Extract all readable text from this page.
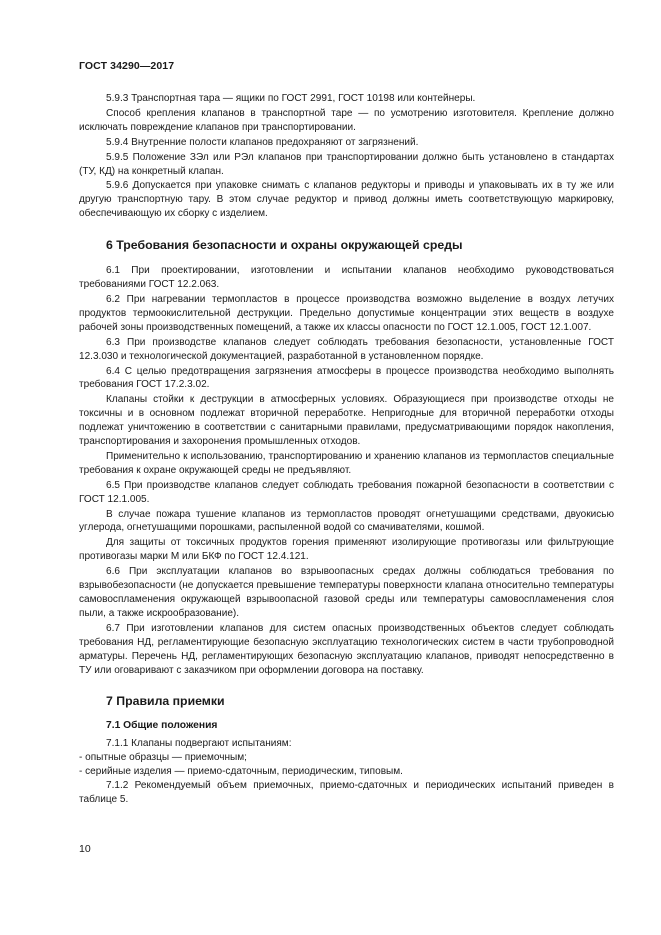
ГОСТ 34290—2017

5.9.3 Транспортная тара — ящики по ГОСТ 2991, ГОСТ 10198 или контейнеры.

Способ крепления клапанов в транспортной таре — по усмотрению изготовителя. Крепление должно исключать повреждение клапанов при транспортировании.

5.9.4 Внутренние полости клапанов предохраняют от загрязнений.

5.9.5 Положение ЗЭл или РЭл клапанов при транспортировании должно быть установлено в стандартах (ТУ, КД) на конкретный клапан.

5.9.6 Допускается при упаковке снимать с клапанов редукторы и приводы и упаковывать их в ту же или другую транспортную тару. В этом случае редуктор и привод должны иметь соответствующую маркировку, обеспечивающую их сборку с изделием.

6 Требования безопасности и охраны окружающей среды

6.1 При проектировании, изготовлении и испытании клапанов необходимо руководствоваться требованиями ГОСТ 12.2.063.

6.2 При нагревании термопластов в процессе производства возможно выделение в воздух летучих продуктов термоокислительной деструкции. Предельно допустимые концентрации этих веществ в воздухе рабочей зоны производственных помещений, а также их классы опасности по ГОСТ 12.1.005, ГОСТ 12.1.007.

6.3 При производстве клапанов следует соблюдать требования безопасности, установленные ГОСТ 12.3.030 и технологической документацией, разработанной в установленном порядке.

6.4 С целью предотвращения загрязнения атмосферы в процессе производства необходимо выполнять требования ГОСТ 17.2.3.02.

Клапаны стойки к деструкции в атмосферных условиях. Образующиеся при производстве отходы не токсичны и в основном подлежат вторичной переработке. Непригодные для вторичной переработки отходы подлежат уничтожению в соответствии с санитарными правилами, предусматривающими порядок накопления, транспортирования и захоронения промышленных отходов.

Применительно к использованию, транспортированию и хранению клапанов из термопластов специальные требования к охране окружающей среды не предъявляют.

6.5 При производстве клапанов следует соблюдать требования пожарной безопасности в соответствии с ГОСТ 12.1.005.

В случае пожара тушение клапанов из термопластов проводят огнетушащими средствами, двуокисью углерода, огнетушащими порошками, распыленной водой со смачивателями, кошмой.

Для защиты от токсичных продуктов горения применяют изолирующие противогазы или фильтрующие противогазы марки М или БКФ по ГОСТ 12.4.121.

6.6 При эксплуатации клапанов во взрывоопасных средах должны соблюдаться требования по взрывобезопасности (не допускается превышение температуры поверхности клапана относительно температуры самовоспламенения окружающей взрывоопасной газовой среды или температуры самовоспламенения слоя пыли, а также искрообразование).

6.7 При изготовлении клапанов для систем опасных производственных объектов следует соблюдать требования НД, регламентирующие безопасную эксплуатацию технологических систем в части трубопроводной арматуры. Перечень НД, регламентирующих безопасную эксплуатацию клапанов, приводят непосредственно в ТУ или оговаривают с заказчиком при оформлении договора на поставку.

7 Правила приемки
7.1 Общие положения

7.1.1 Клапаны подвергают испытаниям:

- опытные образцы — приемочным;

- серийные изделия — приемо-сдаточным, периодическим, типовым.

7.1.2 Рекомендуемый объем приемочных, приемо-сдаточных и периодических испытаний приведен в таблице 5.

10
